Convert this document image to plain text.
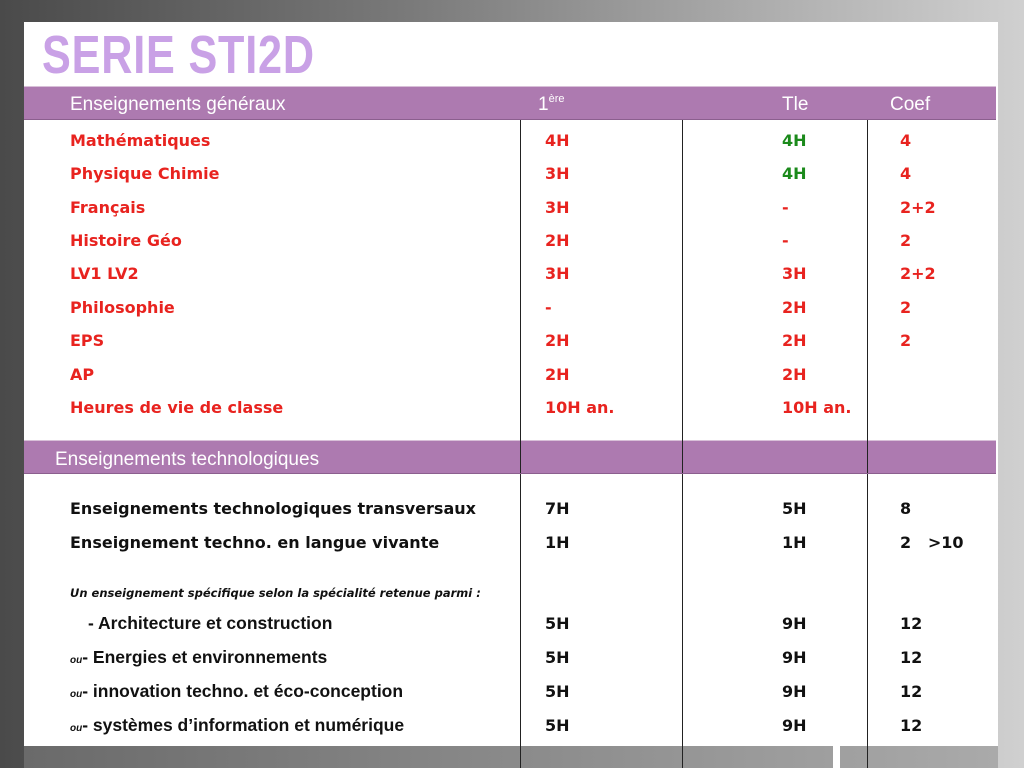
SERIE STI2D
Enseignements généraux	1ère	Tle	Coef
Mathématiques	4H	4H	4
Physique Chimie	3H	4H	4
Français	3H	-	2+2
Histoire Géo	2H	-	2
LV1 LV2	3H	3H	2+2
Philosophie	-	2H	2
EPS	2H	2H	2
AP	2H	2H
Heures de vie de classe	10H an.	10H an.
Enseignements technologiques
Enseignements technologiques transversaux	7H	5H	8
Enseignement techno. en langue vivante	1H	1H	2   >10
Un enseignement spécifique selon la spécialité retenue parmi :
- Architecture et construction	5H	9H	12
ou- Energies et environnements	5H	9H	12
ou- innovation techno. et éco-conception	5H	9H	12
ou- systèmes d’information et numérique	5H	9H	12
